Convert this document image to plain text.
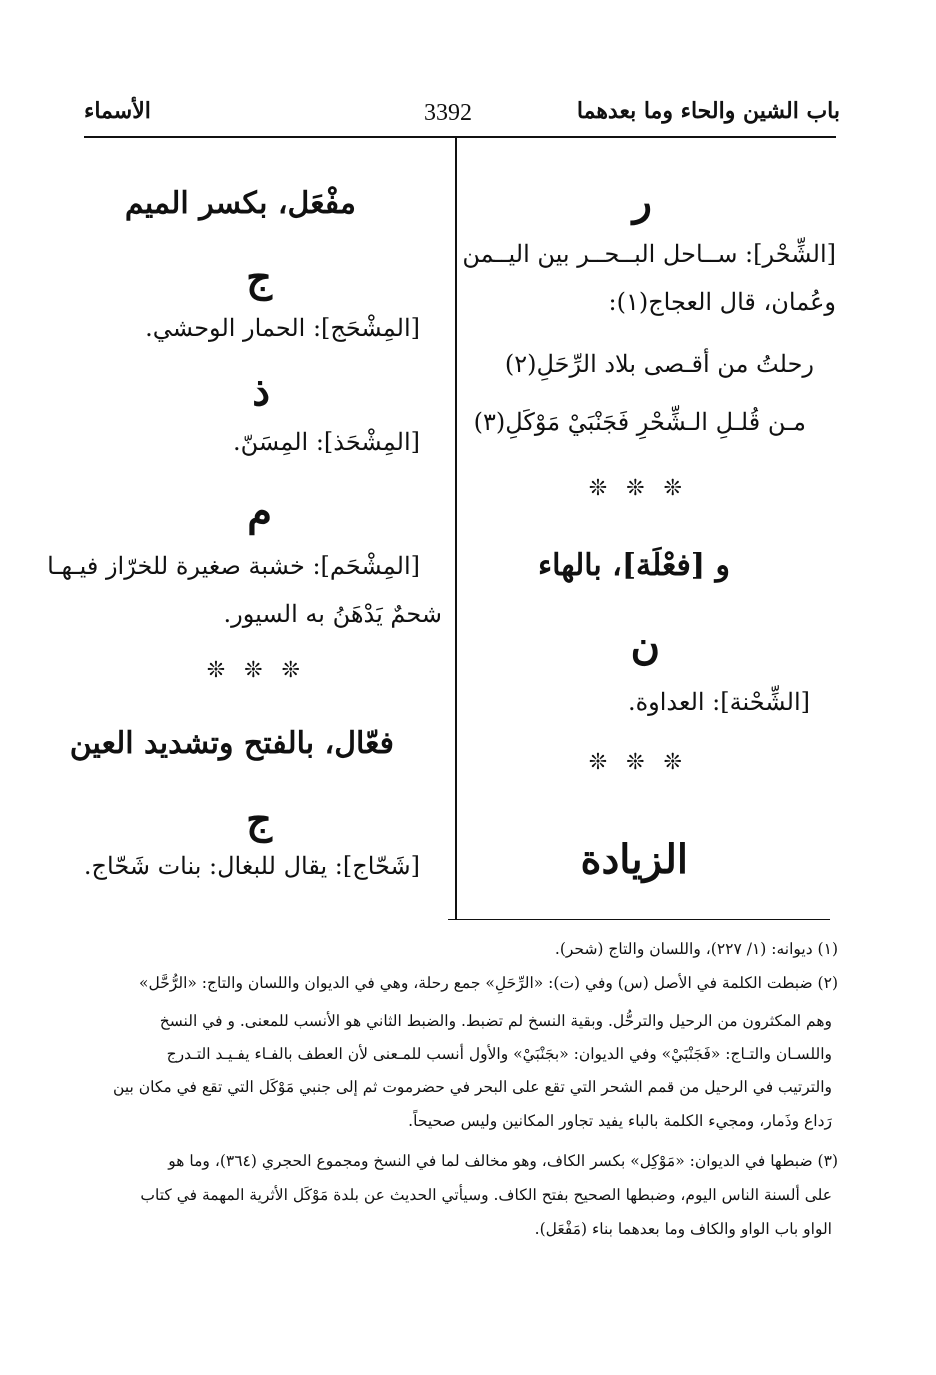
باب الشين والحاء وما بعدهما
3392
الأسماء
ر
[الشِّحْر]: ســاحل البــحــر بين اليــمن
وعُمان، قال العجاج(١):
رحلتُ من أقـصى بلاد الرِّحَلِ(٢)
مـن قُلـلِ الـشِّحْرِ فَجَنْبَيْ مَوْكَلِ(٣)
❊ ❊ ❊
و [فعْلَة]، بالهاء
ن
[الشِّحْنة]: العداوة.
❊ ❊ ❊
الزيادة
مفْعَل، بكسر الميم
ج
[المِشْحَج]: الحمار الوحشي.
ذ
[المِشْحَذ]: المِسَنّ.
م
[المِشْحَم]: خشبة صغيرة للخرّاز فيـهـا
شحمٌ يَدْهَنُ به السيور.
❊ ❊ ❊
فعّال، بالفتح وتشديد العين
ج
[شَحّاج]: يقال للبغال: بنات شَحّاج.
(١) ديوانه: (١/ ٢٢٧)، واللسان والتاج (شحر).
(٢) ضبطت الكلمة في الأصل (س) وفي (ت): «الرِّحَلِ» جمع رحلة، وهي في الديوان واللسان والتاج: «الرُّحَّل»
وهم المكثرون من الرحيل والترحُّل. وبقية النسخ لم تضبط. والضبط الثاني هو الأنسب للمعنى. و في النسخ
واللسـان والتـاج: «فَجَنْبَيْ» وفي الديوان: «بجَنْبَيْ» والأول أنسب للمـعنى لأن العطف بالفـاء يفـيـد التـدرج
والترتيب في الرحيل من قمم الشحر التي تقع على البحر في حضرموت ثم إلى جنبي مَوْكَل التي تقع في مكان بين
رَداع وذَمار، ومجيء الكلمة بالباء يفيد تجاور المكانين وليس صحيحاً.
(٣) ضبطها في الديوان: «مَوْكِل» بكسر الكاف، وهو مخالف لما في النسخ ومجموع الحجري (٣٦٤)، وما هو
على ألسنة الناس اليوم، وضبطها الصحيح بفتح الكاف. وسيأتي الحديث عن بلدة مَوْكَل الأثرية المهمة في كتاب
الواو باب الواو والكاف وما بعدهما بناء (مَفْعَل).
